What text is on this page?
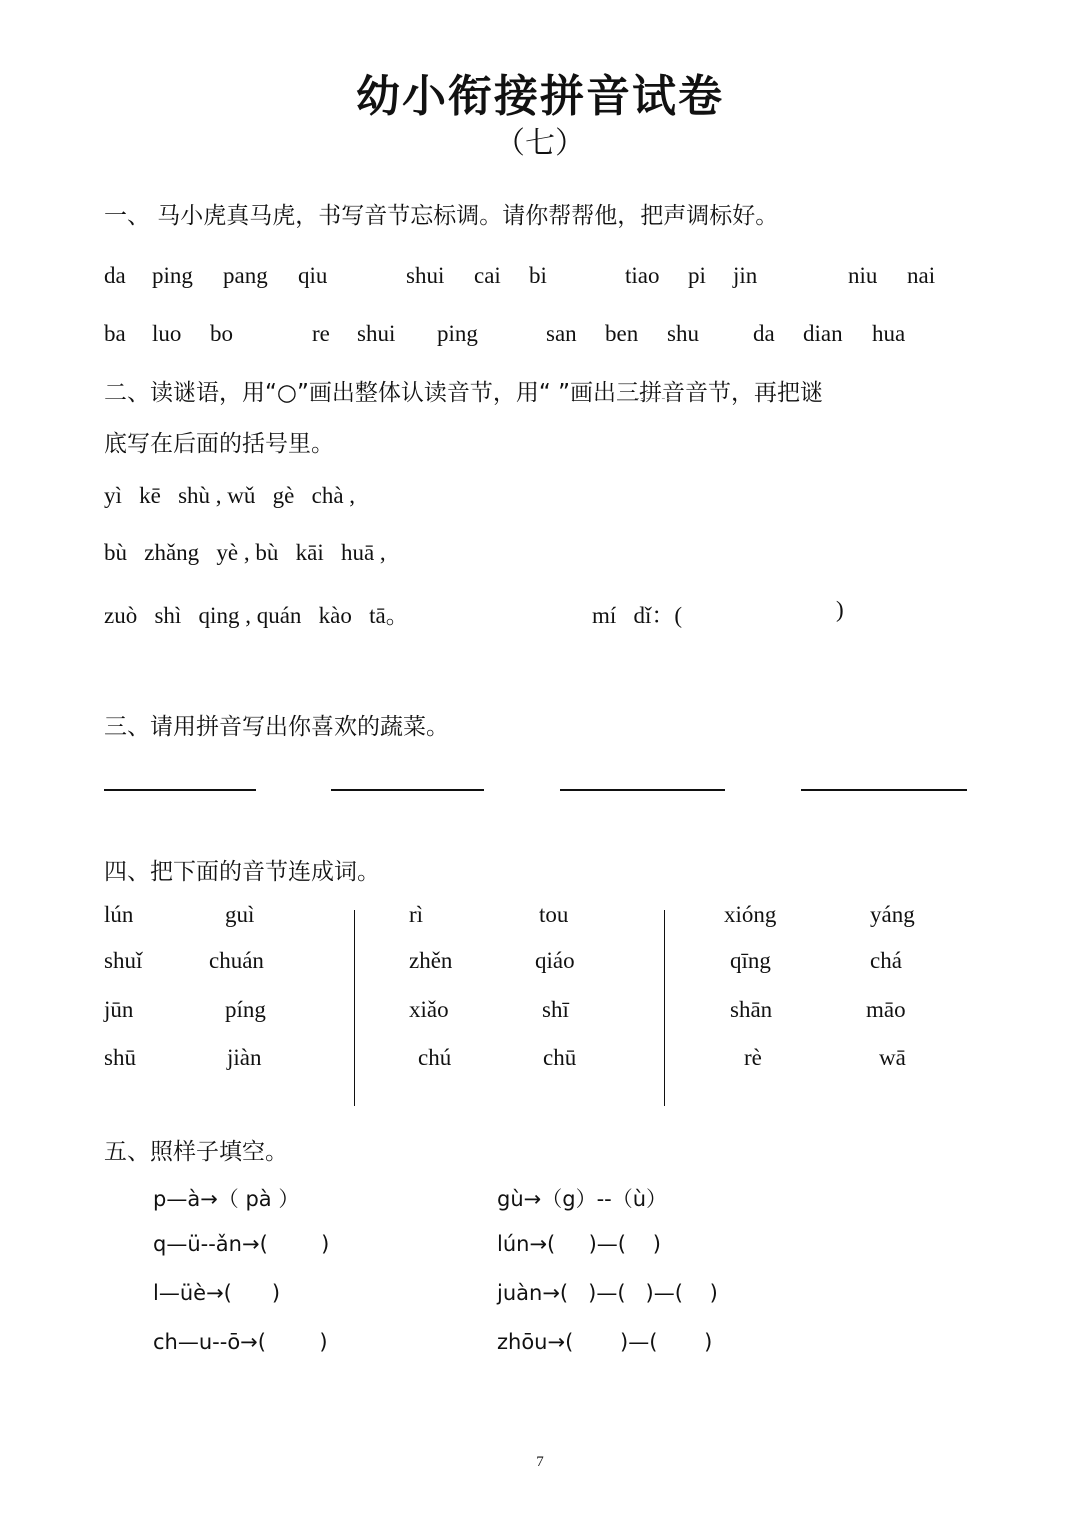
幼小衔接拼音试卷
（七）
一、 马小虎真马虎，书写音节忘标调。请你帮帮他，把声调标好。
da ping pang qiu	shui cai bi	tiao pi jin	niu nai
ba luo bo	re shui ping	san ben shu da dian hua
二、读谜语，用“○”画出整体认读音节，用“ ”画出三拼音音节，再把谜
底写在后面的括号里。
yì   kē   shù , wǔ   gè   chà ,
bù   zhǎng   yè , bù   kāi   huā ,
zuò   shì   qing , quán   kào   tā。	mí   dǐ：(	)
三、请用拼音写出你喜欢的蔬菜。
四、把下面的音节连成词。
lún	guì
shuǐ	chuán
jūn	píng
shū	jiàn
rì	tou
zhěn	qiáo
xiǎo	shī
chú	chū
xióng	yáng
qīng	chá
shān	māo
rè	wā
五、照样子填空。
p—à→（ pà ）
q—ü--ǎn→(        )
l—üè→(      )
ch—u--ō→(        )
gù→（g）--（ù）
lún→(     )—(    )
juàn→(   )—(   )—(    )
zhōu→(       )—(       )
7
